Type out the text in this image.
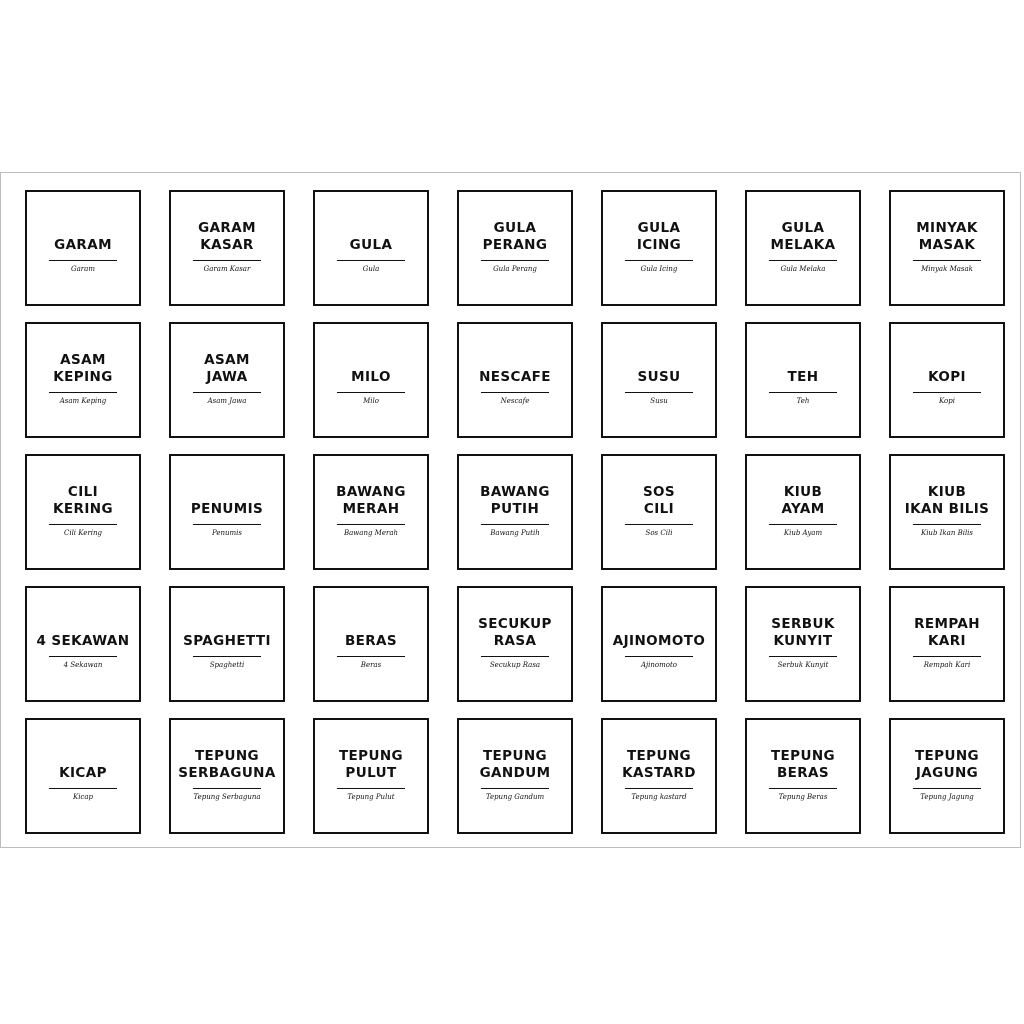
GARAM
Garam
GARAM
KASAR
Garam Kasar
GULA
Gula
GULA
PERANG
Gula Perang
GULA
ICING
Gula Icing
GULA
MELAKA
Gula Melaka
MINYAK
MASAK
Minyak Masak
ASAM
KEPING
Asam Keping
ASAM
JAWA
Asam Jawa
MILO
Milo
NESCAFE
Nescafe
SUSU
Susu
TEH
Teh
KOPI
Kopi
CILI
KERING
Cili Kering
PENUMIS
Penumis
BAWANG
MERAH
Bawang Merah
BAWANG
PUTIH
Bawang Putih
SOS
CILI
Sos Cili
KIUB
AYAM
Kiub Ayam
KIUB
IKAN BILIS
Kiub Ikan Bilis
4 SEKAWAN
4 Sekawan
SPAGHETTI
Spaghetti
BERAS
Beras
SECUKUP
RASA
Secukup Rasa
AJINOMOTO
Ajinomoto
SERBUK
KUNYIT
Serbuk Kunyit
REMPAH
KARI
Rempah Kari
KICAP
Kicap
TEPUNG
SERBAGUNA
Tepung Serbaguna
TEPUNG
PULUT
Tepung Pulut
TEPUNG
GANDUM
Tepung Gandum
TEPUNG
KASTARD
Tepung kastard
TEPUNG
BERAS
Tepung Beras
TEPUNG
JAGUNG
Tepung Jagung
